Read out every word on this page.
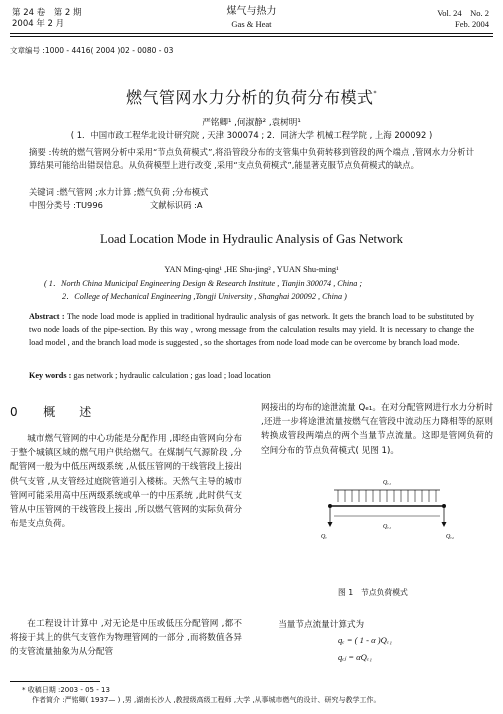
第 24 卷　第 2 期
2004 年 2 月
煤气与热力
Gas & Heat
Vol. 24　No. 2
Feb. 2004
文章编号 :1000 - 4416( 2004 )02 - 0080 - 03
燃气管网水力分析的负荷分布模式*
严铭卿¹ ,何淑静² ,袁树明¹
( 1．中国市政工程华北设计研究院 , 天津 300074 ; 2．同济大学 机械工程学院 , 上海 200092 )
摘要 :传统的燃气管网分析中采用“节点负荷模式”,将沿管段分布的支管集中负荷转移到管段的两个端点 ,管网水力分析计算结果可能给出错误信息。从负荷模型上进行改变 ,采用“支点负荷模式”,能显著克服节点负荷模式的缺点。
关键词 :燃气管网 ;水力计算 ;燃气负荷 ;分布模式
中图分类号 :TU996	文献标识码 :A
Load Location Mode in Hydraulic Analysis of Gas Network
YAN Ming-qing¹ ,HE Shu-jing² , YUAN Shu-ming¹
( 1．North China Municipal Engineering Design & Research Institute , Tianjin 300074 , China ;
2．College of Mechanical Engineering ,Tongji University , Shanghai 200092 , China )
Abstract : The node load mode is applied in traditional hydraulic analysis of gas network. It gets the branch load to be substituted by two node loads of the pipe-section. By this way , wrong message from the calculation results may yield. It is necessary to change the load model , and the branch load mode is suggested , so the shortages from node load mode can be overcome by branch load mode.
Key words : gas network ; hydraulic calculation ; gas load ; load location
0 概　　述
城市燃气管网的中心功能是分配作用 ,即经由管网向分布于整个城镇区域的燃气用户供给燃气。在煤制气气源阶段 ,分配管网一般为中低压两级系统 ,从低压管网的干线管段上接出供气支管 ,从支管经过庭院管道引入楼栋。天然气主导的城市管网可能采用高中压两级系统或单一的中压系统 ,此时供气支管从中压管网的干线管段上接出 ,所以燃气管网的实际负荷分布是支点负荷。
在工程设计计算中 ,对无论是中压或低压分配管网 ,都不将接于其上的供气支管作为物理管网的一部分 ,而将数值各异的支管流量抽象为从分配管
网接出的均布的途泄流量 Qₑ₁。在对分配管网进行水力分析时 ,还进一步将途泄流量按燃气在管段中流动压力降相等的原则转换成管段两端点的两个当量节点流量。这即是管网负荷的空间分布的节点负荷模式( 见图 1)。
Qₑ₁
Qₑ	Qₑ₂
Qₑ₁
图 1　节点负荷模式
当量节点流量计算式为
qₑ = ( 1 - α )Qₑ₁
qₑⱼ = αQₑ₁
* 收稿日期 :2003 - 05 - 13
作者简介 :严铭卿( 1937— ) ,男 ,湖南长沙人 ,教授级高级工程师 ,大学 ,从事城市燃气的设计、研究与教学工作。
